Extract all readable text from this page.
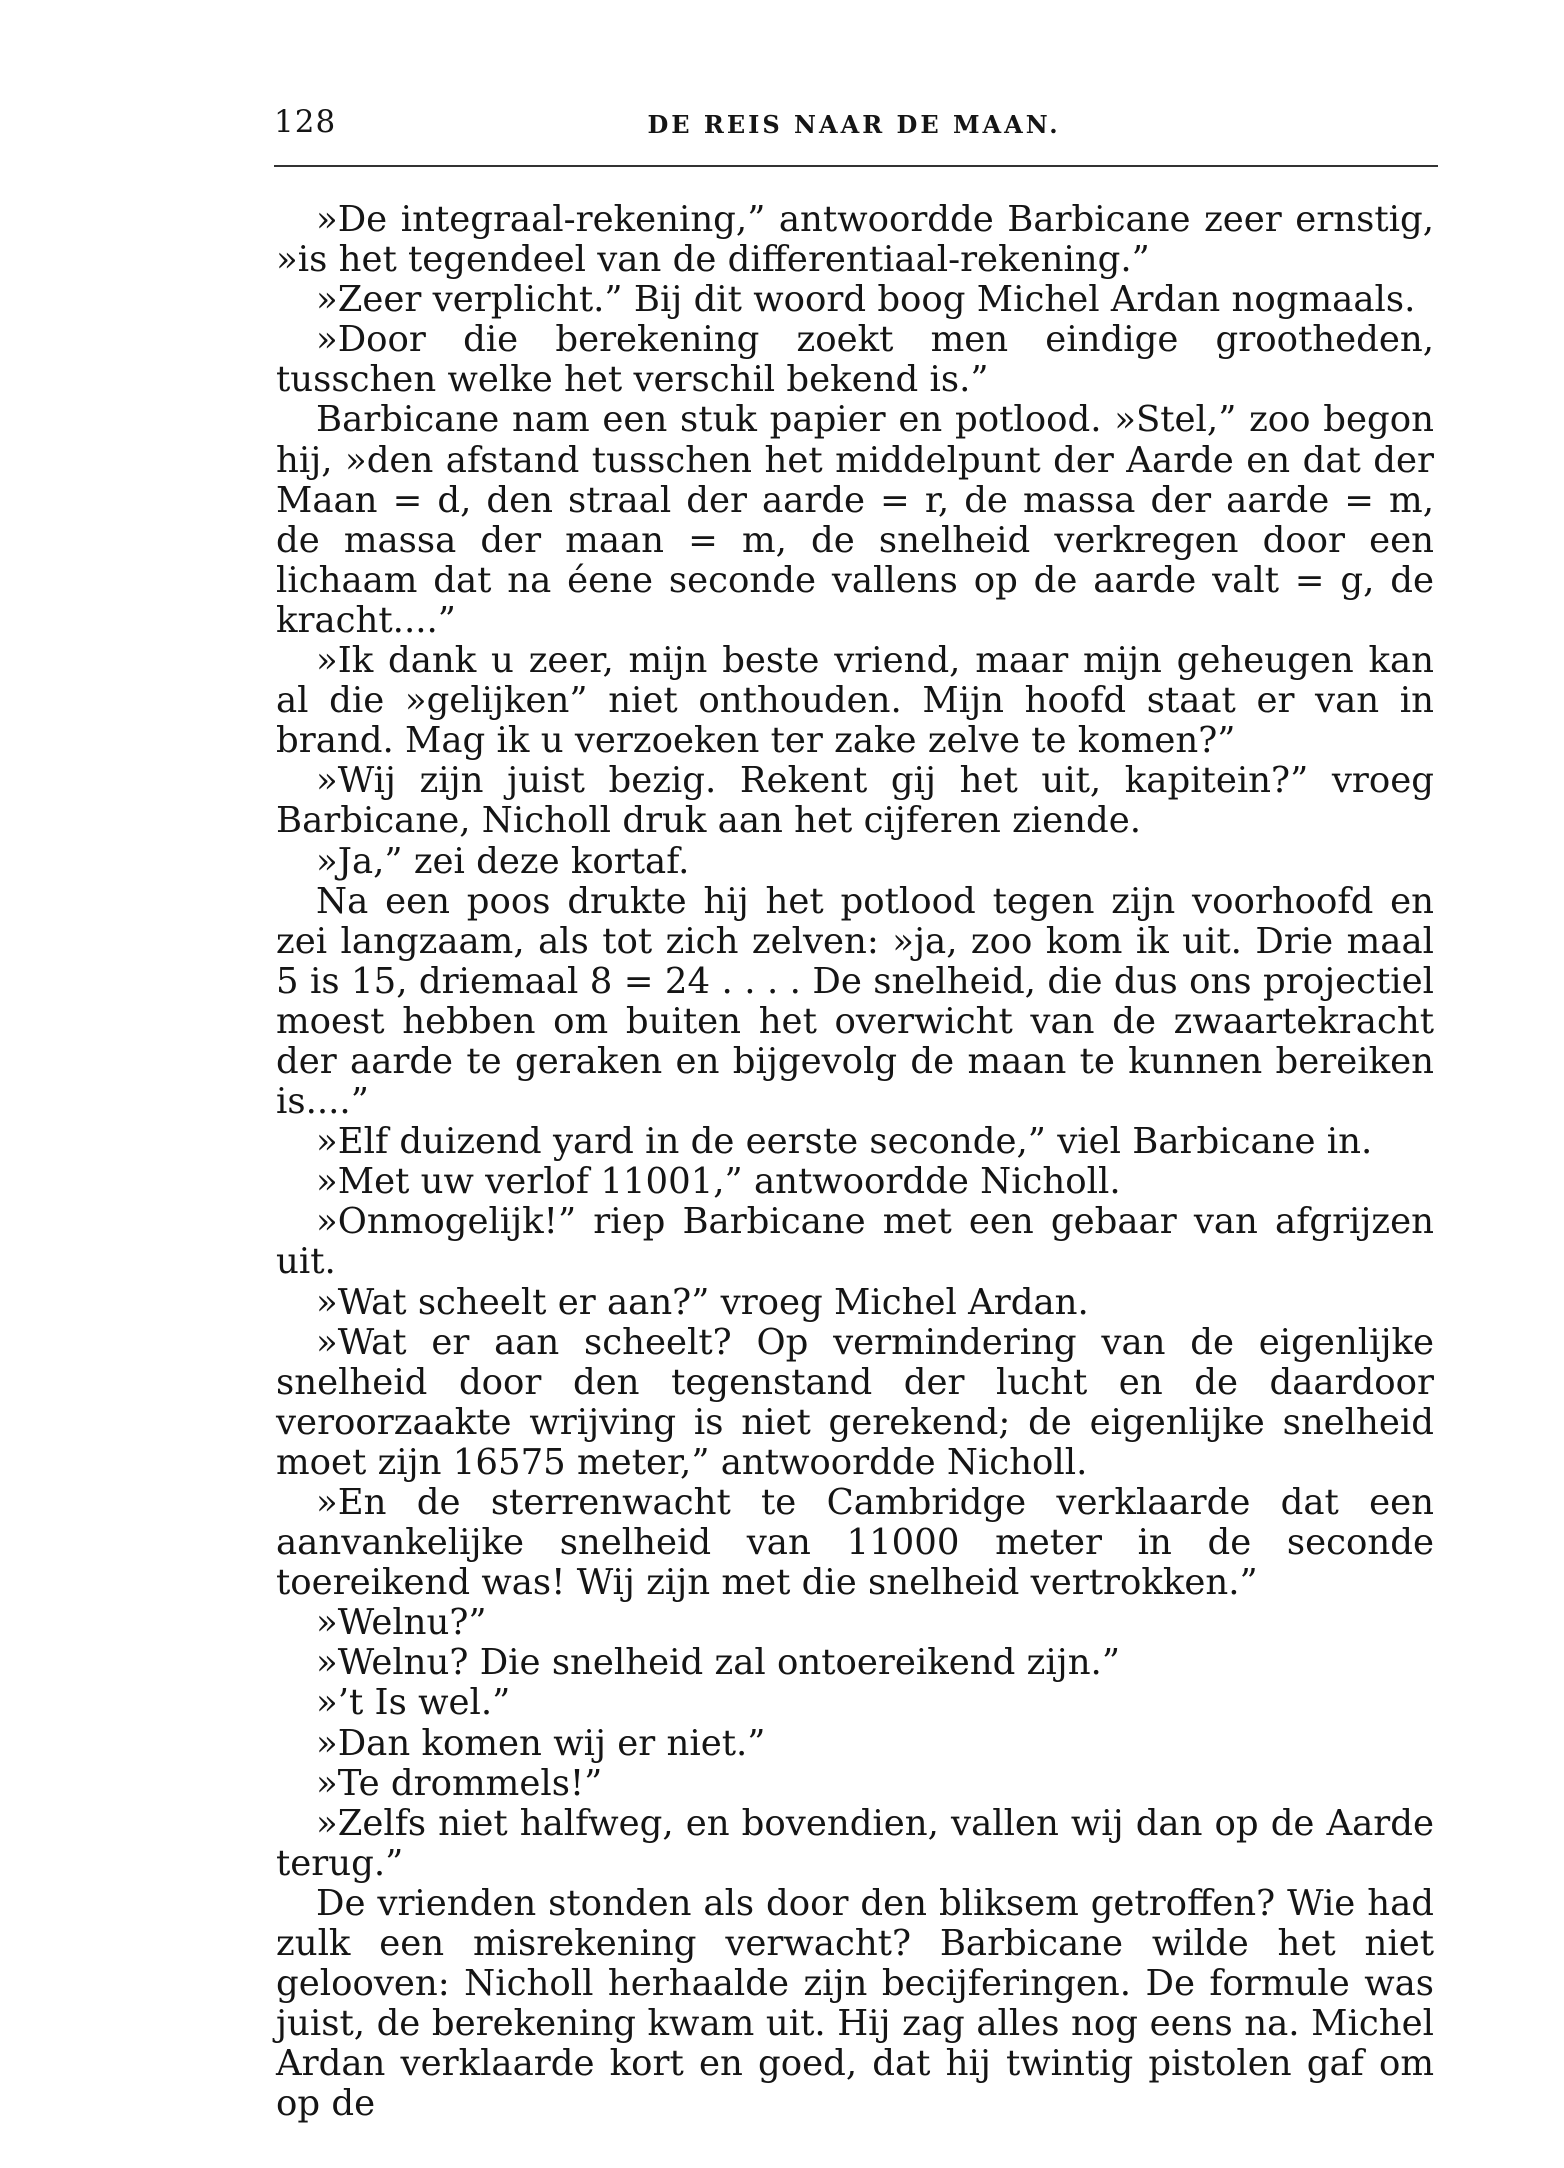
128	DE REIS NAAR DE MAAN.

»De integraal-rekening,” antwoordde Barbicane zeer ernstig, »is het tegendeel van de differentiaal-rekening.”

»Zeer verplicht.” Bij dit woord boog Michel Ardan nogmaals.

»Door die berekening zoekt men eindige grootheden, tusschen welke het verschil bekend is.”

Barbicane nam een stuk papier en potlood. »Stel,” zoo begon hij, »den afstand tusschen het middelpunt der Aarde en dat der Maan = d, den straal der aarde = r, de massa der aarde = m, de massa der maan = m, de snelheid verkregen door een lichaam dat na éene seconde vallens op de aarde valt = g, de kracht....”

»Ik dank u zeer, mijn beste vriend, maar mijn geheugen kan al die »gelijken” niet onthouden. Mijn hoofd staat er van in brand. Mag ik u verzoeken ter zake zelve te komen?”

»Wij zijn juist bezig. Rekent gij het uit, kapitein?” vroeg Barbicane, Nicholl druk aan het cijferen ziende.

»Ja,” zei deze kortaf.

Na een poos drukte hij het potlood tegen zijn voorhoofd en zei langzaam, als tot zich zelven: »ja, zoo kom ik uit. Drie maal 5 is 15, driemaal 8 = 24 . . . . De snelheid, die dus ons projectiel moest hebben om buiten het overwicht van de zwaartekracht der aarde te geraken en bijgevolg de maan te kunnen bereiken is....”

»Elf duizend yard in de eerste seconde,” viel Barbicane in.

»Met uw verlof 11001,” antwoordde Nicholl.

»Onmogelijk!” riep Barbicane met een gebaar van afgrijzen uit.

»Wat scheelt er aan?” vroeg Michel Ardan.

»Wat er aan scheelt? Op vermindering van de eigenlijke snelheid door den tegenstand der lucht en de daardoor veroorzaakte wrijving is niet gerekend; de eigenlijke snelheid moet zijn 16575 meter,” antwoordde Nicholl.

»En de sterrenwacht te Cambridge verklaarde dat een aanvankelijke snelheid van 11000 meter in de seconde toereikend was! Wij zijn met die snelheid vertrokken.”

»Welnu?”

»Welnu? Die snelheid zal ontoereikend zijn.”

»’t Is wel.”

»Dan komen wij er niet.”

»Te drommels!”

»Zelfs niet halfweg, en bovendien, vallen wij dan op de Aarde terug.”

De vrienden stonden als door den bliksem getroffen? Wie had zulk een misrekening verwacht? Barbicane wilde het niet gelooven: Nicholl herhaalde zijn becijferingen. De formule was juist, de berekening kwam uit. Hij zag alles nog eens na. Michel Ardan verklaarde kort en goed, dat hij twintig pistolen gaf om op de
